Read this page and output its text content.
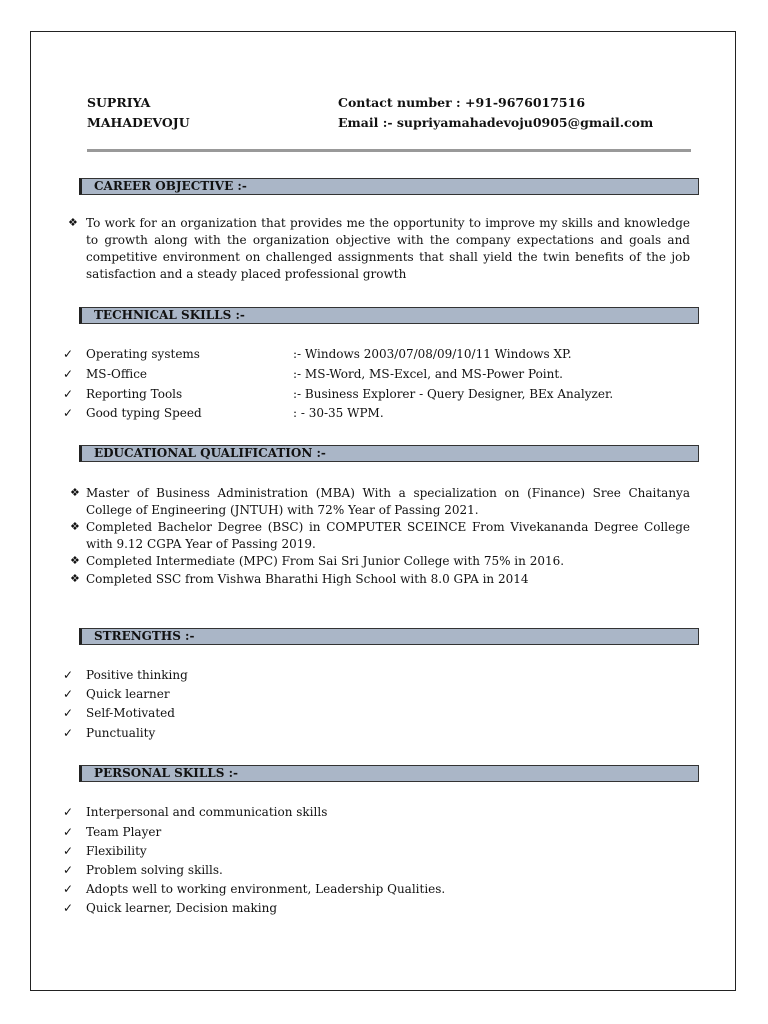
SUPRIYA
MAHADEVOJU
Contact number : +91-9676017516
Email :- supriyamahadevoju0905@gmail.com
CAREER OBJECTIVE :-
❖ To work for an organization that provides me the opportunity to improve my skills and knowledge to growth along with the organization objective with the company expectations and goals and competitive environment on challenged assignments that shall yield the twin benefits of the job satisfaction and a steady placed professional growth
TECHNICAL SKILLS :-
✓ Operating systems	:- Windows 2003/07/08/09/10/11 Windows XP.
✓ MS-Office	:- MS-Word, MS-Excel, and MS-Power Point.
✓ Reporting Tools	:- Business Explorer - Query Designer, BEx Analyzer.
✓ Good typing Speed	: - 30-35 WPM.
EDUCATIONAL QUALIFICATION :-
❖ Master of Business Administration (MBA) With a specialization on (Finance) Sree Chaitanya College of Engineering (JNTUH) with 72% Year of Passing 2021.
❖ Completed Bachelor Degree (BSC) in COMPUTER SCEINCE From Vivekananda Degree College with 9.12 CGPA Year of Passing 2019.
❖ Completed Intermediate (MPC) From Sai Sri Junior College with 75% in 2016.
❖ Completed SSC from Vishwa Bharathi High School with 8.0 GPA in 2014
STRENGTHS :-
✓ Positive thinking
✓ Quick learner
✓ Self-Motivated
✓ Punctuality
PERSONAL SKILLS :-
✓ Interpersonal and communication skills
✓ Team Player
✓ Flexibility
✓ Problem solving skills.
✓ Adopts well to working environment, Leadership Qualities.
✓ Quick learner, Decision making
